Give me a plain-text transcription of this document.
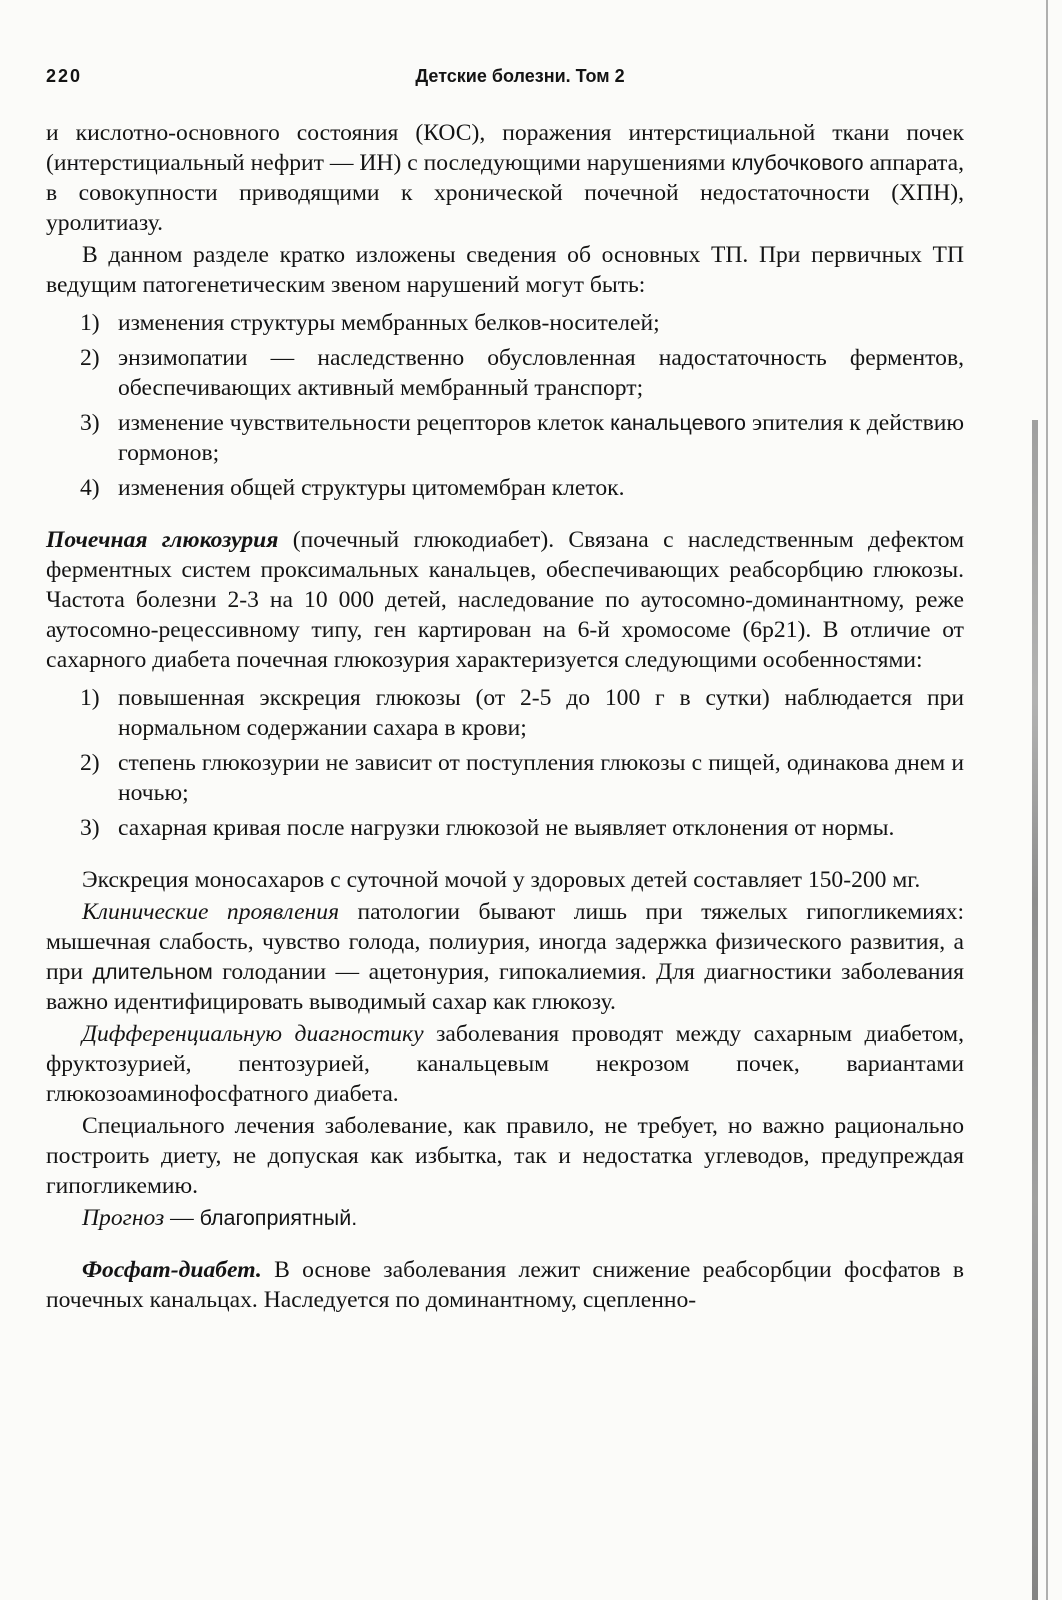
220	Детские болезни. Том 2

и кислотно-основного состояния (КОС), поражения интерстициальной ткани почек (интерстициальный нефрит — ИН) с последующими нарушениями клубочкового аппарата, в совокупности приводящими к хронической почечной недостаточности (ХПН), уролитиазу.

В данном разделе кратко изложены сведения об основных ТП. При первичных ТП ведущим патогенетическим звеном нарушений могут быть:

1) изменения структуры мембранных белков-носителей;
2) энзимопатии — наследственно обусловленная надостаточность ферментов, обеспечивающих активный мембранный транспорт;
3) изменение чувствительности рецепторов клеток канальцевого эпителия к действию гормонов;
4) изменения общей структуры цитомембран клеток.

Почечная глюкозурия (почечный глюкодиабет). Связана с наследственным дефектом ферментных систем проксимальных канальцев, обеспечивающих реабсорбцию глюкозы. Частота болезни 2-3 на 10 000 детей, наследование по аутосомно-доминантному, реже аутосомно-рецессивному типу, ген картирован на 6-й хромосоме (6р21). В отличие от сахарного диабета почечная глюкозурия характеризуется следующими особенностями:

1) повышенная экскреция глюкозы (от 2-5 до 100 г в сутки) наблюдается при нормальном содержании сахара в крови;
2) степень глюкозурии не зависит от поступления глюкозы с пищей, одинакова днем и ночью;
3) сахарная кривая после нагрузки глюкозой не выявляет отклонения от нормы.

Экскреция моносахаров с суточной мочой у здоровых детей составляет 150-200 мг.

Клинические проявления патологии бывают лишь при тяжелых гипогликемиях: мышечная слабость, чувство голода, полиурия, иногда задержка физического развития, а при длительном голодании — ацетонурия, гипокалиемия. Для диагностики заболевания важно идентифицировать выводимый сахар как глюкозу.

Дифференциальную диагностику заболевания проводят между сахарным диабетом, фруктозурией, пентозурией, канальцевым некрозом почек, вариантами глюкозоаминофосфатного диабета.

Специального лечения заболевание, как правило, не требует, но важно рационально построить диету, не допуская как избытка, так и недостатка углеводов, предупреждая гипогликемию.

Прогноз — благоприятный.

Фосфат-диабет. В основе заболевания лежит снижение реабсорбции фосфатов в почечных канальцах. Наследуется по доминантному, сцепленно-
